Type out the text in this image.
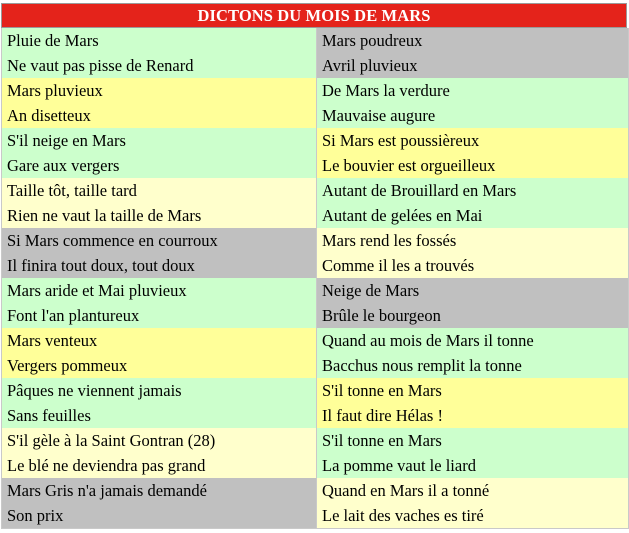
DICTONS DU MOIS DE MARS
Pluie de Mars
Ne vaut pas pisse de Renard
Mars poudreux
Avril pluvieux
Mars pluvieux
An disetteux
De Mars la verdure
Mauvaise augure
S'il neige en Mars
Gare aux vergers
Si Mars est poussièreux
Le bouvier est orgueilleux
Taille tôt, taille tard
Rien ne vaut la taille de Mars
Autant de Brouillard en Mars
Autant de gelées en Mai
Si Mars commence en courroux
Il finira tout doux, tout doux
Mars rend les fossés
Comme il les a trouvés
Mars aride et Mai pluvieux
Font l'an plantureux
Neige de Mars
Brûle le bourgeon
Mars venteux
Vergers pommeux
Quand au mois de Mars il tonne
Bacchus nous remplit la tonne
Pâques ne viennent jamais
Sans feuilles
S'il tonne en Mars
Il faut dire Hélas !
S'il gèle à la Saint Gontran (28)
Le blé ne deviendra pas grand
S'il tonne en Mars
La pomme vaut le liard
Mars Gris n'a jamais demandé
Son prix
Quand en Mars il a tonné
Le lait des vaches es tiré
